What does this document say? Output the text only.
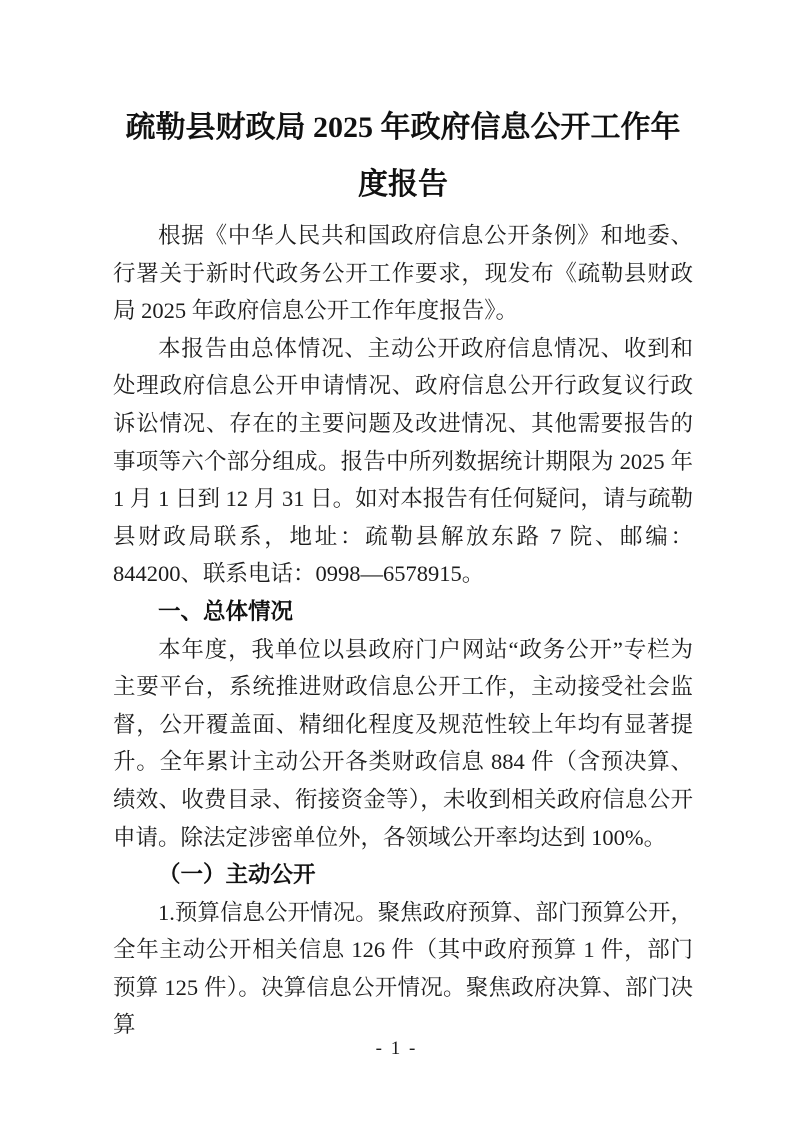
疏勒县财政局 2025 年政府信息公开工作年度报告

根据《中华人民共和国政府信息公开条例》和地委、行署关于新时代政务公开工作要求，现发布《疏勒县财政局 2025 年政府信息公开工作年度报告》。

本报告由总体情况、主动公开政府信息情况、收到和处理政府信息公开申请情况、政府信息公开行政复议行政诉讼情况、存在的主要问题及改进情况、其他需要报告的事项等六个部分组成。报告中所列数据统计期限为 2025 年 1 月 1 日到 12 月 31 日。如对本报告有任何疑问，请与疏勒县财政局联系，地址：疏勒县解放东路 7 院、邮编：844200、联系电话：0998—6578915。

一、总体情况

本年度，我单位以县政府门户网站“政务公开”专栏为主要平台，系统推进财政信息公开工作，主动接受社会监督，公开覆盖面、精细化程度及规范性较上年均有显著提升。全年累计主动公开各类财政信息 884 件（含预决算、绩效、收费目录、衔接资金等），未收到相关政府信息公开申请。除法定涉密单位外，各领域公开率均达到 100%。

（一）主动公开

1.预算信息公开情况。聚焦政府预算、部门预算公开，全年主动公开相关信息 126 件（其中政府预算 1 件，部门预算 125 件）。决算信息公开情况。聚焦政府决算、部门决算

- 1 -
